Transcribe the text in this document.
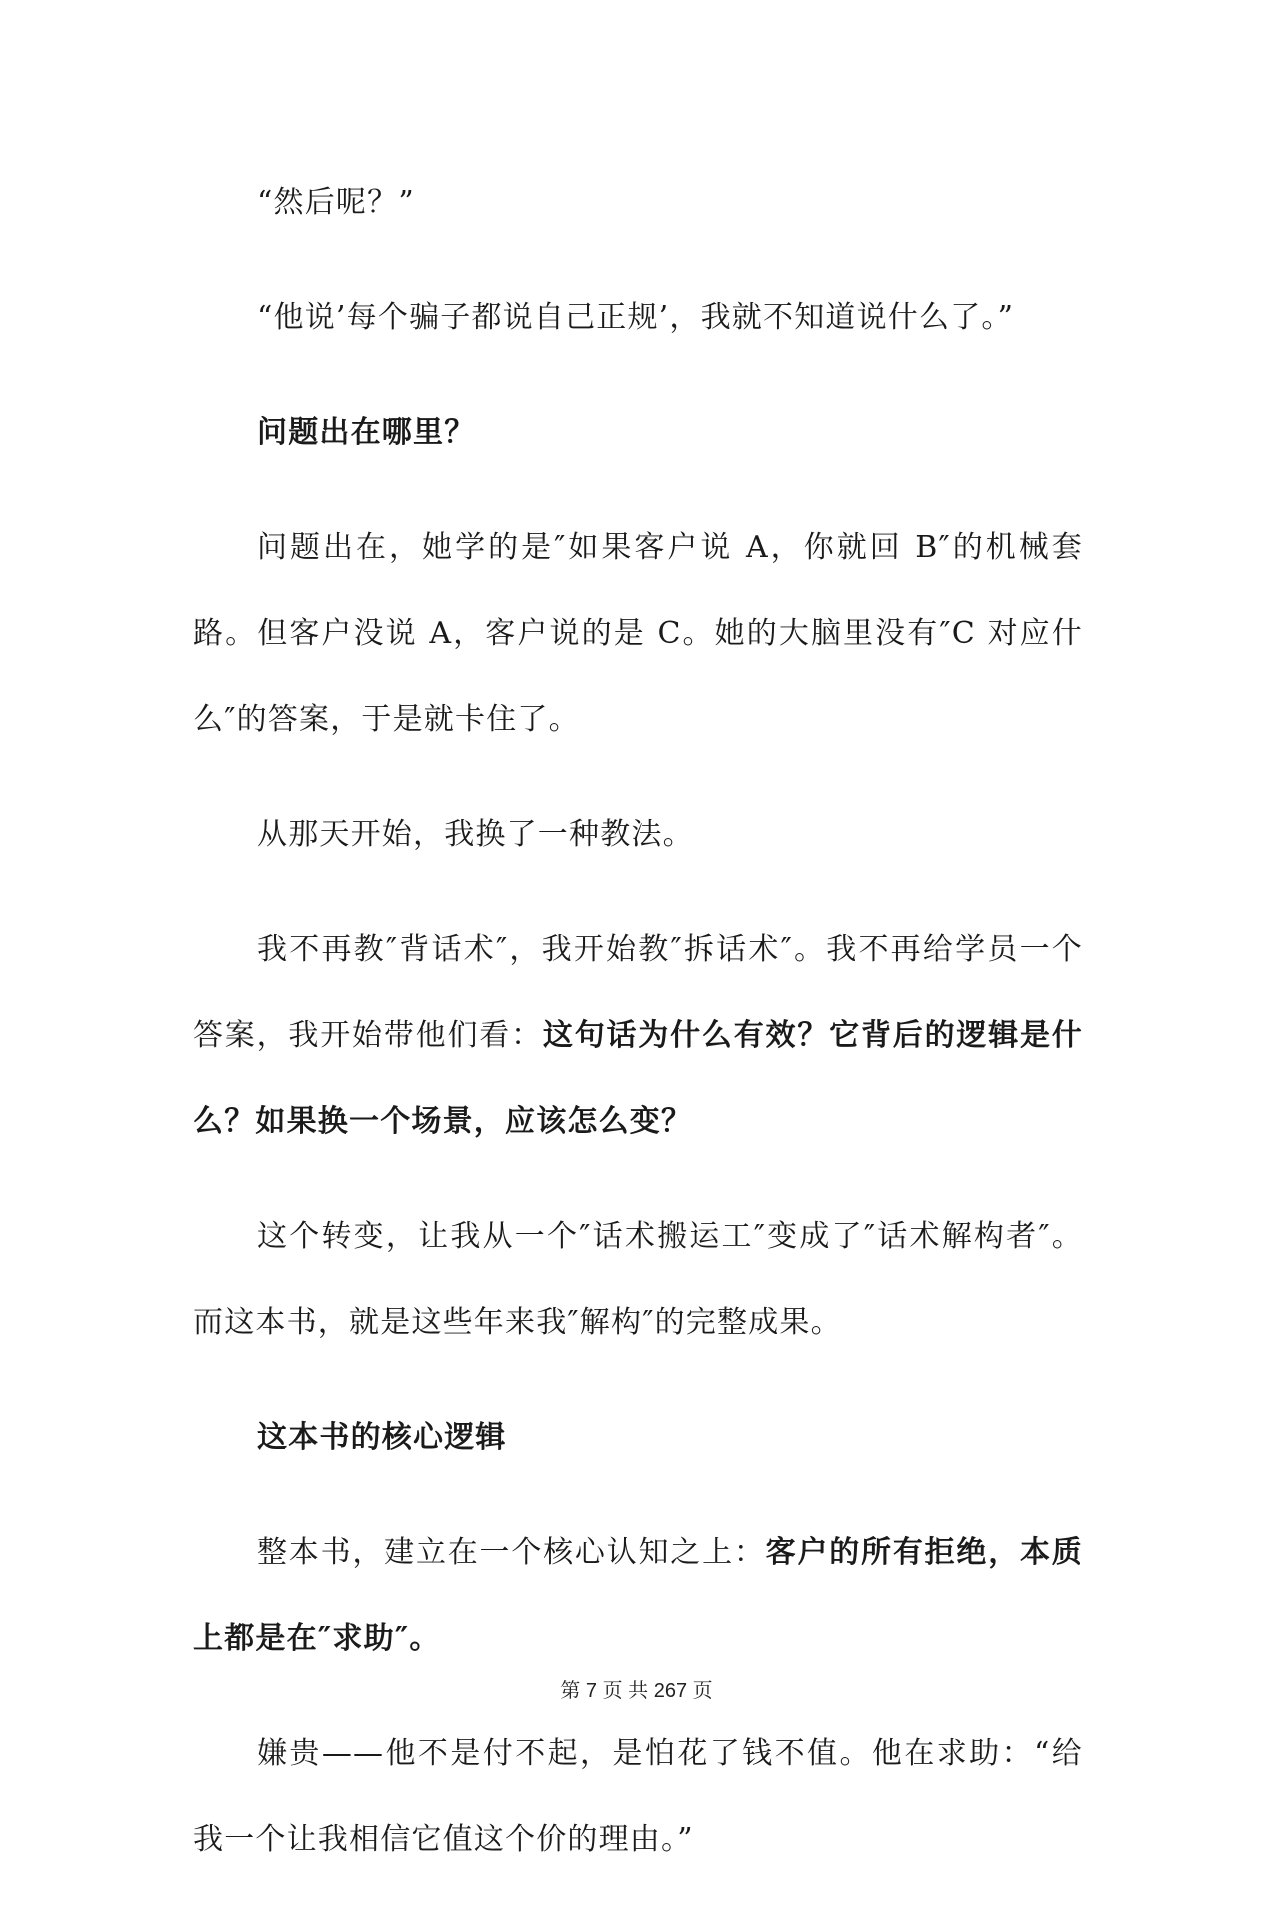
“然后呢？”

“他说’每个骗子都说自己正规’，我就不知道说什么了。”

问题出在哪里？

问题出在，她学的是″如果客户说 A，你就回 B″的机械套路。但客户没说 A，客户说的是 C。她的大脑里没有″C 对应什么″的答案，于是就卡住了。

从那天开始，我换了一种教法。

我不再教″背话术″，我开始教″拆话术″。我不再给学员一个答案，我开始带他们看：这句话为什么有效？它背后的逻辑是什么？如果换一个场景，应该怎么变？

这个转变，让我从一个″话术搬运工″变成了″话术解构者″。而这本书，就是这些年来我″解构″的完整成果。

这本书的核心逻辑

整本书，建立在一个核心认知之上：客户的所有拒绝，本质上都是在″求助″。

嫌贵——他不是付不起，是怕花了钱不值。他在求助：“给我一个让我相信它值这个价的理由。”

第 7 页 共 267 页
